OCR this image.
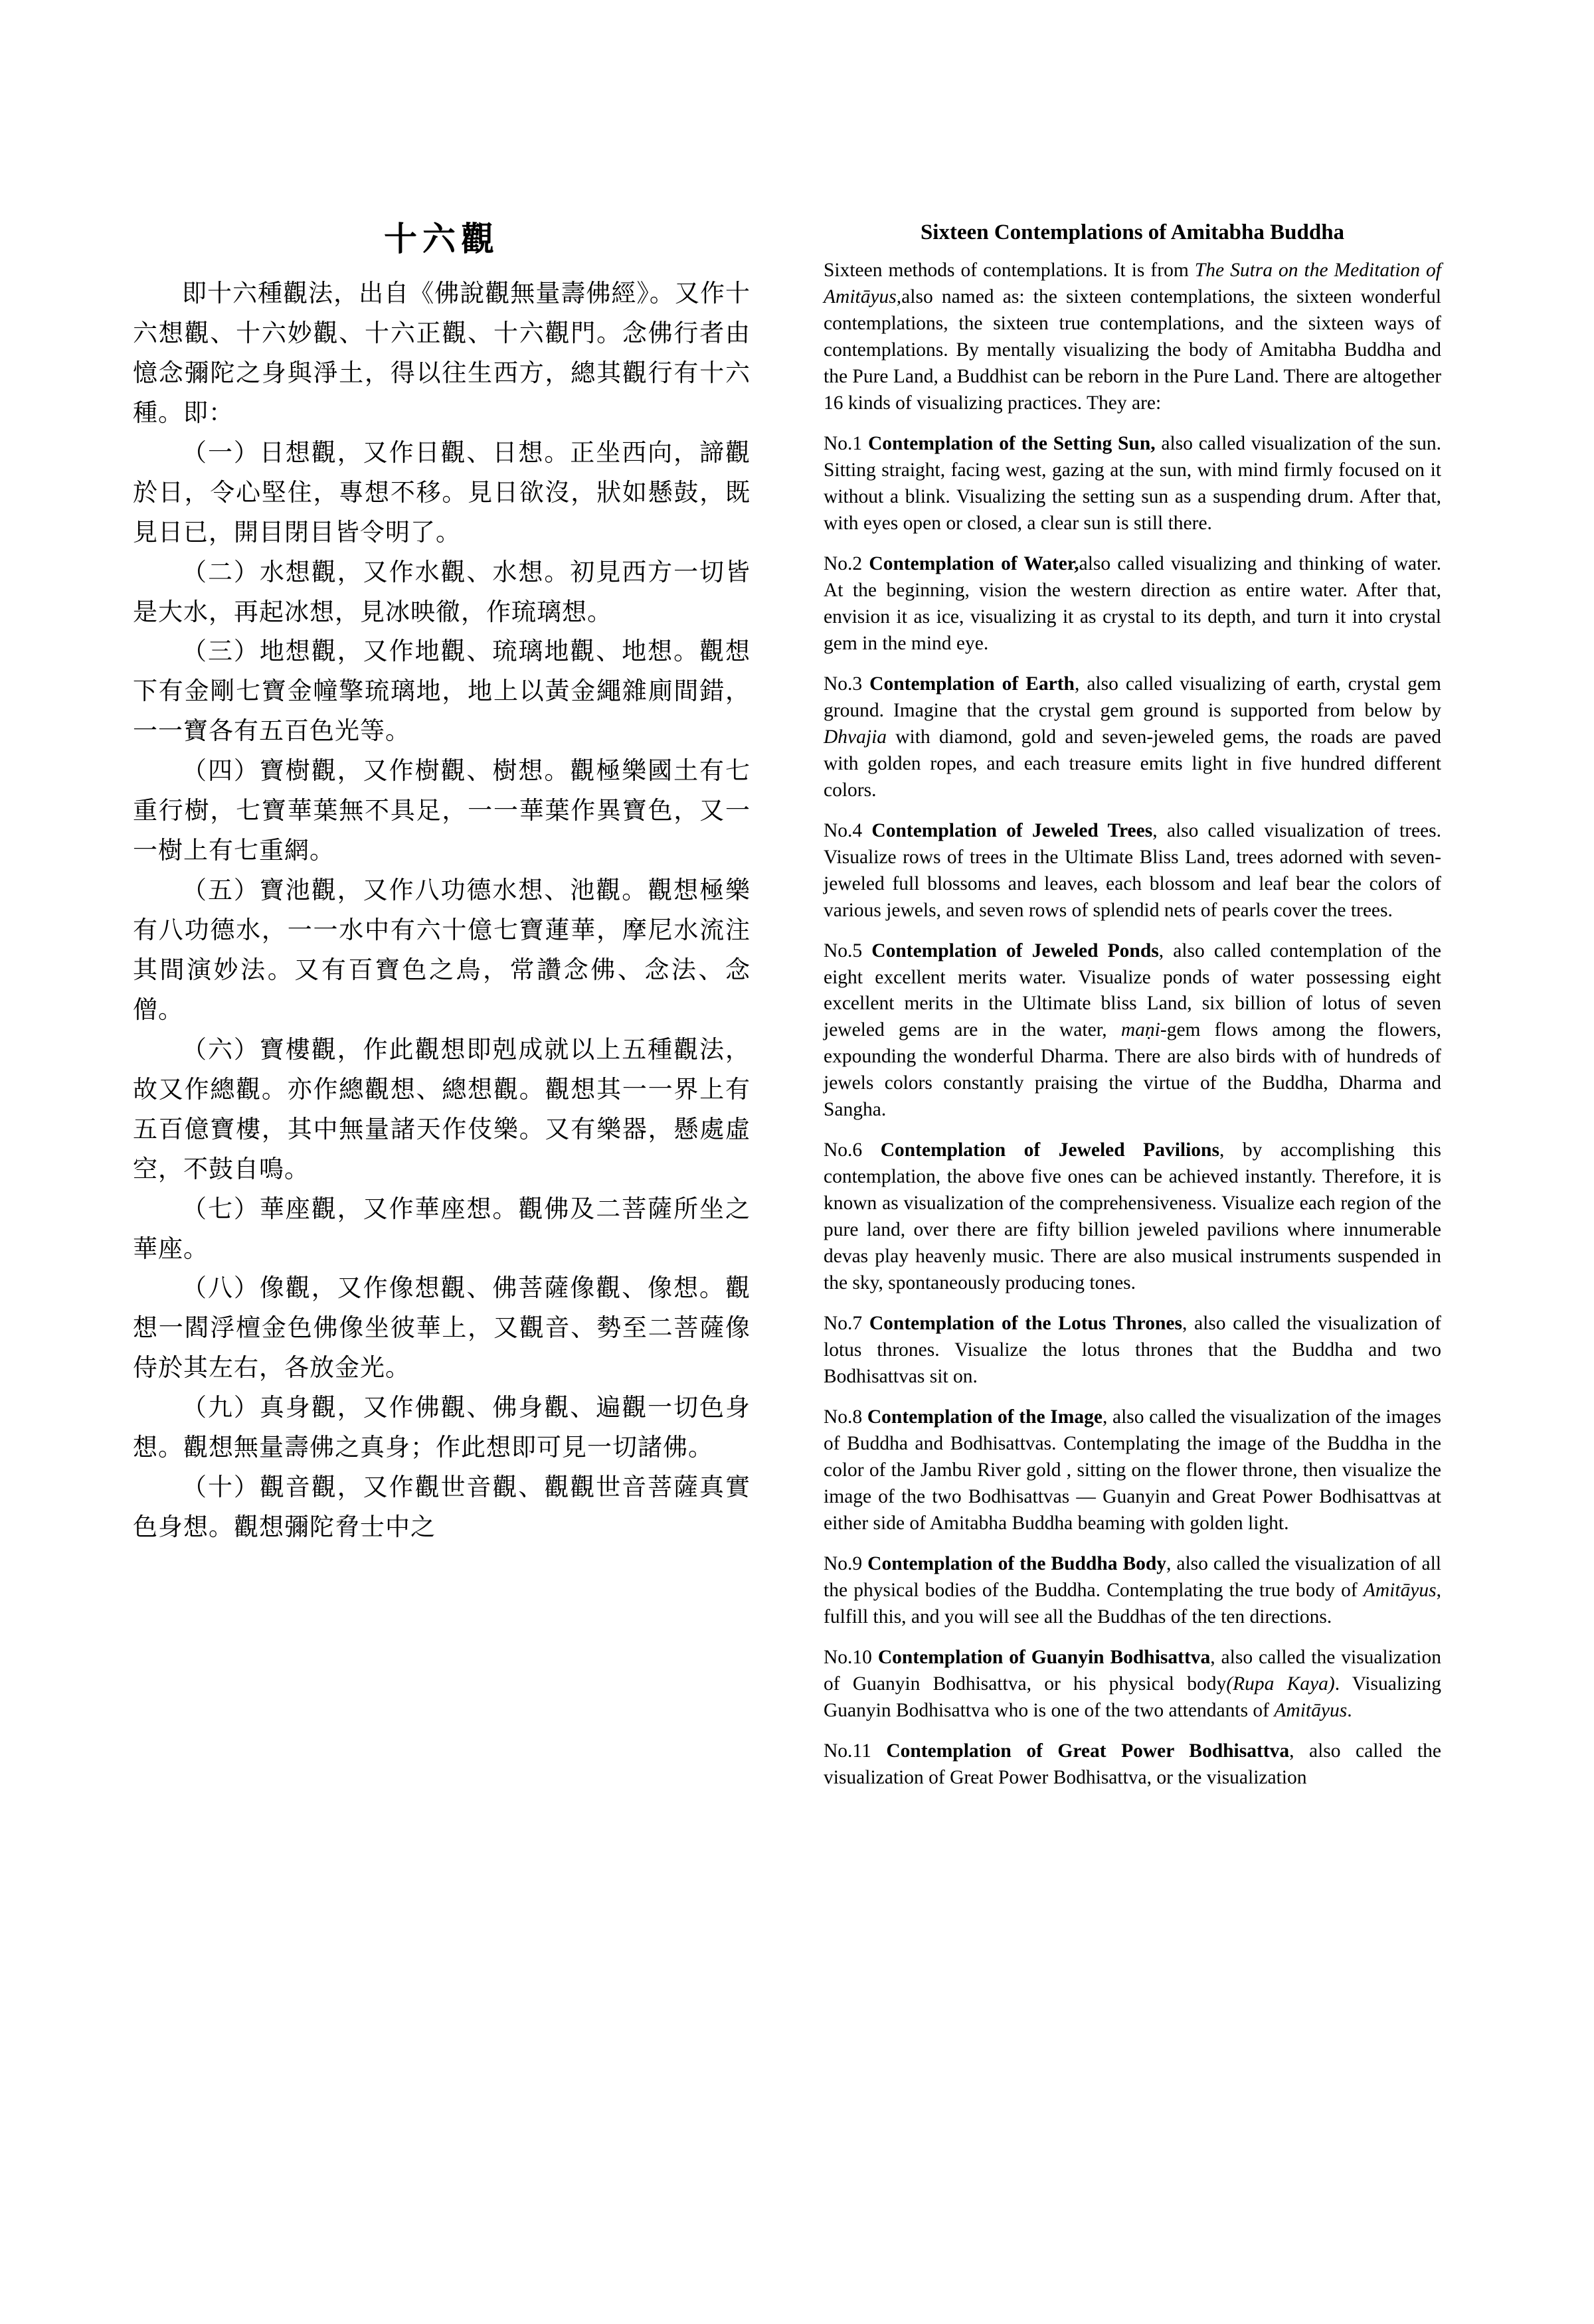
十六觀

即十六種觀法，出自《佛說觀無量壽佛經》。又作十六想觀、十六妙觀、十六正觀、十六觀門。念佛行者由憶念彌陀之身與淨土，得以往生西方，總其觀行有十六種。即：

（一）日想觀，又作日觀、日想。正坐西向，諦觀於日，令心堅住，專想不移。見日欲沒，狀如懸鼓，既見日已，開目閉目皆令明了。

（二）水想觀，又作水觀、水想。初見西方一切皆是大水，再起冰想，見冰映徹，作琉璃想。

（三）地想觀，又作地觀、琉璃地觀、地想。觀想下有金剛七寶金幢擎琉璃地，地上以黃金繩雜廁間錯，一一寶各有五百色光等。

（四）寶樹觀，又作樹觀、樹想。觀極樂國土有七重行樹，七寶華葉無不具足，一一華葉作異寶色，又一一樹上有七重網。

（五）寶池觀，又作八功德水想、池觀。觀想極樂有八功德水，一一水中有六十億七寶蓮華，摩尼水流注其間演妙法。又有百寶色之鳥，常讚念佛、念法、念僧。

（六）寶樓觀，作此觀想即剋成就以上五種觀法，故又作總觀。亦作總觀想、總想觀。觀想其一一界上有五百億寶樓，其中無量諸天作伎樂。又有樂器，懸處虛空，不鼓自鳴。

（七）華座觀，又作華座想。觀佛及二菩薩所坐之華座。

（八）像觀，又作像想觀、佛菩薩像觀、像想。觀想一閻浮檀金色佛像坐彼華上，又觀音、勢至二菩薩像侍於其左右，各放金光。

（九）真身觀，又作佛觀、佛身觀、遍觀一切色身想。觀想無量壽佛之真身；作此想即可見一切諸佛。

（十）觀音觀，又作觀世音觀、觀觀世音菩薩真實色身想。觀想彌陀脅士中之

Sixteen Contemplations of Amitabha Buddha

Sixteen methods of contemplations. It is from The Sutra on the Meditation of Amitāyus,also named as: the sixteen contemplations, the sixteen wonderful contemplations, the sixteen true contemplations, and the sixteen ways of contemplations. By mentally visualizing the body of Amitabha Buddha and the Pure Land, a Buddhist can be reborn in the Pure Land. There are altogether 16 kinds of visualizing practices. They are:

No.1 Contemplation of the Setting Sun, also called visualization of the sun. Sitting straight, facing west, gazing at the sun, with mind firmly focused on it without a blink. Visualizing the setting sun as a suspending drum. After that, with eyes open or closed, a clear sun is still there.

No.2 Contemplation of Water,also called visualizing and thinking of water. At the beginning, vision the western direction as entire water. After that, envision it as ice, visualizing it as crystal to its depth, and turn it into crystal gem in the mind eye.

No.3 Contemplation of Earth, also called visualizing of earth, crystal gem ground. Imagine that the crystal gem ground is supported from below by Dhvajia with diamond, gold and seven-jeweled gems, the roads are paved with golden ropes, and each treasure emits light in five hundred different colors.

No.4 Contemplation of Jeweled Trees, also called visualization of trees. Visualize rows of trees in the Ultimate Bliss Land, trees adorned with seven-jeweled full blossoms and leaves, each blossom and leaf bear the colors of various jewels, and seven rows of splendid nets of pearls cover the trees.

No.5 Contemplation of Jeweled Ponds, also called contemplation of the eight excellent merits water. Visualize ponds of water possessing eight excellent merits in the Ultimate bliss Land, six billion of lotus of seven jeweled gems are in the water, maṇi-gem flows among the flowers, expounding the wonderful Dharma. There are also birds with of hundreds of jewels colors constantly praising the virtue of the Buddha, Dharma and Sangha.

No.6 Contemplation of Jeweled Pavilions, by accomplishing this contemplation, the above five ones can be achieved instantly. Therefore, it is known as visualization of the comprehensiveness. Visualize each region of the pure land, over there are fifty billion jeweled pavilions where innumerable devas play heavenly music. There are also musical instruments suspended in the sky, spontaneously producing tones.

No.7 Contemplation of the Lotus Thrones, also called the visualization of lotus thrones. Visualize the lotus thrones that the Buddha and two Bodhisattvas sit on.

No.8 Contemplation of the Image, also called the visualization of the images of Buddha and Bodhisattvas. Contemplating the image of the Buddha in the color of the Jambu River gold , sitting on the flower throne, then visualize the image of the two Bodhisattvas — Guanyin and Great Power Bodhisattvas at either side of Amitabha Buddha beaming with golden light.

No.9 Contemplation of the Buddha Body, also called the visualization of all the physical bodies of the Buddha. Contemplating the true body of Amitāyus, fulfill this, and you will see all the Buddhas of the ten directions.

No.10 Contemplation of Guanyin Bodhisattva, also called the visualization of Guanyin Bodhisattva, or his physical body(Rupa Kaya). Visualizing Guanyin Bodhisattva who is one of the two attendants of Amitāyus.

No.11 Contemplation of Great Power Bodhisattva, also called the visualization of Great Power Bodhisattva, or the visualization
